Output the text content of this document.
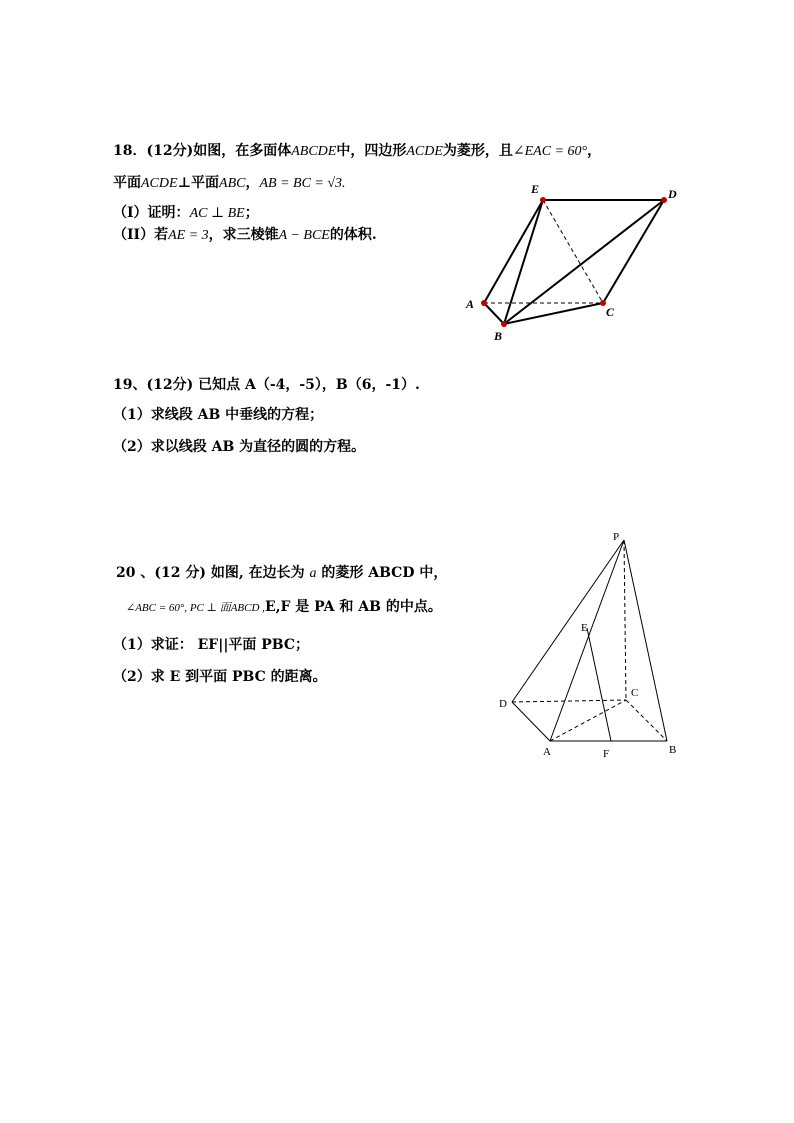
18．(12分)如图，在多面体ABCDE中，四边形ACDE为菱形，且∠EAC = 60°，
平面ACDE⊥平面ABC，AB = BC = √3.
（I）证明：AC ⊥ BE；
（II）若AE = 3，求三棱锥A − BCE的体积.
E	D
A
C
B
19、(12分) 已知点 A（-4，-5），B（6，-1）.
（1）求线段 AB 中垂线的方程；
（2）求以线段 AB 为直径的圆的方程。
20 、(12 分) 如图, 在边长为 a 的菱形 ABCD 中，
∠ABC = 60°, PC ⊥ 面ABCD ,E,F 是 PA 和 AB 的中点。
（1）求证： EF||平面 PBC；
（2）求 E 到平面 PBC 的距离。
P
E
D
C
A	F	B
